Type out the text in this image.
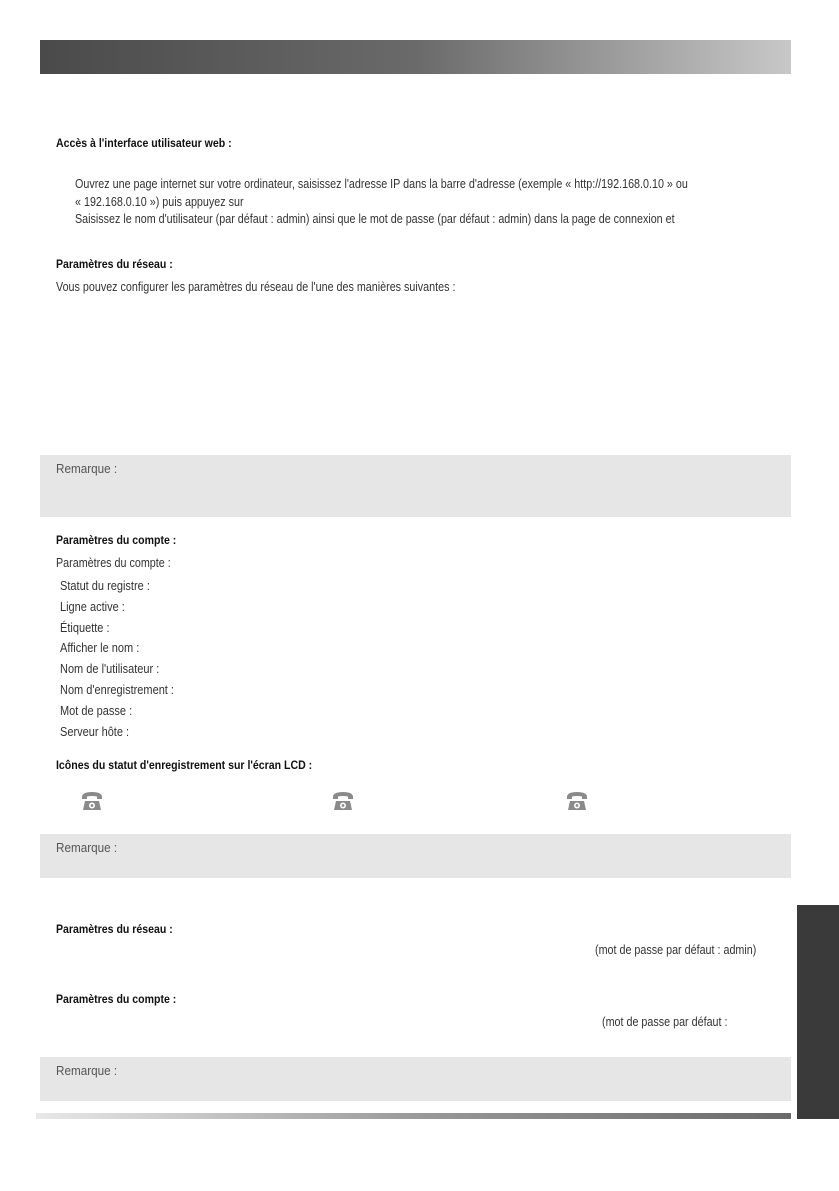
Accès à l'interface utilisateur web :
Ouvrez une page internet sur votre ordinateur, saisissez l'adresse IP dans la barre d'adresse (exemple « http://192.168.0.10 » ou
« 192.168.0.10 ») puis appuyez sur
Saisissez le nom d'utilisateur (par défaut : admin) ainsi que le mot de passe (par défaut : admin) dans la page de connexion et
Paramètres du réseau :
Vous pouvez configurer les paramètres du réseau de l'une des manières suivantes :
Remarque :
Paramètres du compte :
Paramètres du compte :
Statut du registre :
Ligne active :
Étiquette :
Afficher le nom :
Nom de l'utilisateur :
Nom d'enregistrement :
Mot de passe :
Serveur hôte :
Icônes du statut d'enregistrement sur l'écran LCD :
Remarque :
Paramètres du réseau :
(mot de passe par défaut : admin)
Paramètres du compte :
(mot de passe par défaut :
Remarque :
